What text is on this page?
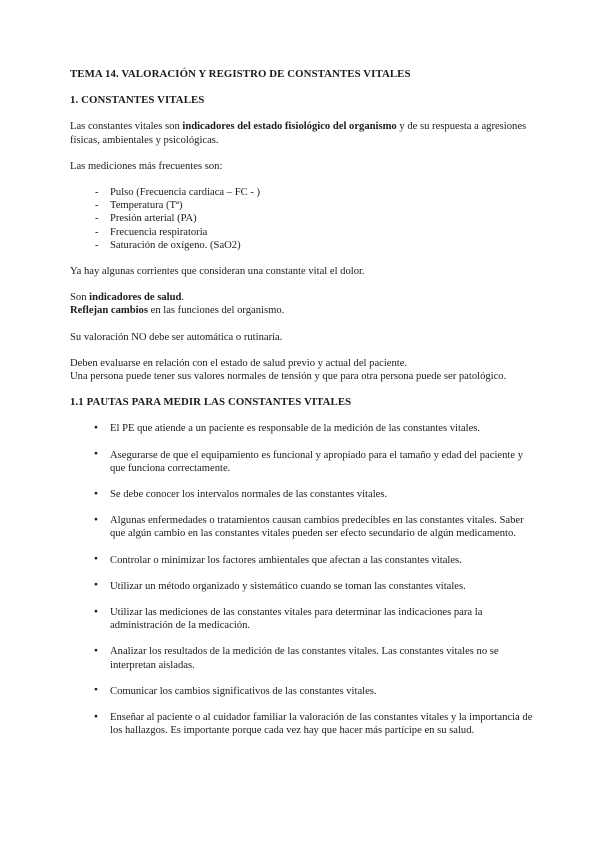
TEMA 14. VALORACIÓN Y REGISTRO DE CONSTANTES VITALES
1. CONSTANTES VITALES

Las constantes vitales son indicadores del estado fisiológico del organismo y de su respuesta a agresiones físicas, ambientales y psicológicas.

Las mediciones más frecuentes son:

- Pulso (Frecuencia cardiaca – FC - )
- Temperatura (Tª)
- Presión arterial (PA)
- Frecuencia respiratoria
- Saturación de oxígeno. (SaO2)

Ya hay algunas corrientes que consideran una constante vital el dolor.

Son indicadores de salud.
Reflejan cambios en las funciones del organismo.

Su valoración NO debe ser automática o rutinaria.

Deben evaluarse en relación con el estado de salud previo y actual del paciente.
Una persona puede tener sus valores normales de tensión y que para otra persona puede ser patológico.
1.1 PAUTAS PARA MEDIR LAS CONSTANTES VITALES
● El PE que atiende a un paciente es responsable de la medición de las constantes vitales.
● Asegurarse de que el equipamiento es funcional y apropiado para el tamaño y edad del paciente y que funciona correctamente.
● Se debe conocer los intervalos normales de las constantes vitales.
● Algunas enfermedades o tratamientos causan cambios predecibles en las constantes vitales. Saber que algún cambio en las constantes vitales pueden ser efecto secundario de algún medicamento.
● Controlar o minimizar los factores ambientales que afectan a las constantes vitales.
● Utilizar un método organizado y sistemático cuando se toman las constantes vitales.
● Utilizar las mediciones de las constantes vitales para determinar las indicaciones para la administración de la medicación.
● Analizar los resultados de la medición de las constantes vitales. Las constantes vitales no se interpretan aisladas.
● Comunicar los cambios significativos de las constantes vitales.
● Enseñar al paciente o al cuidador familiar la valoración de las constantes vitales y la importancia de los hallazgos. Es importante porque cada vez hay que hacer más partícipe en su salud.
